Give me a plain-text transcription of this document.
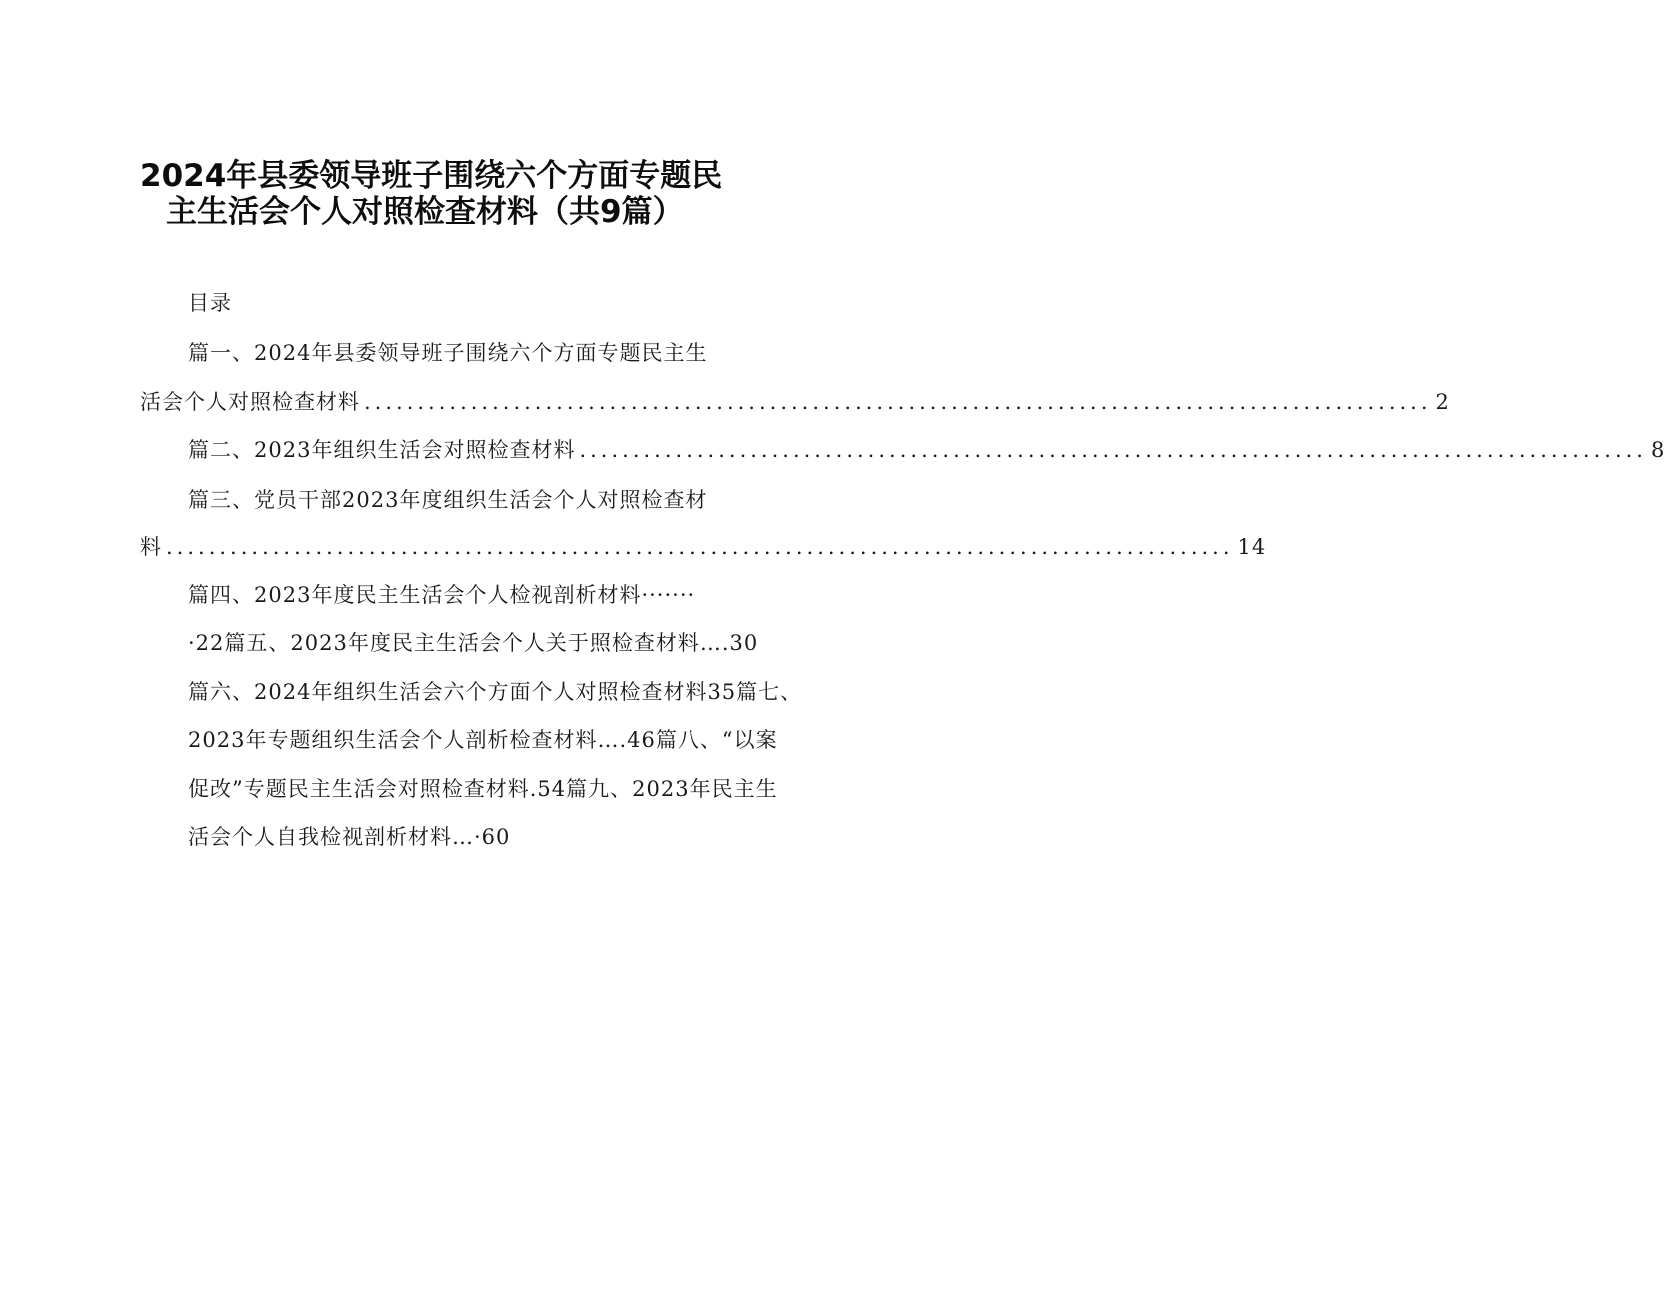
2024年县委领导班子围绕六个方面专题民
主生活会个人对照检查材料（共9篇）
目录
篇一、2024年县委领导班子围绕六个方面专题民主生
活会个人对照检查材料 .................................................................................................... 2
篇二、2023年组织生活会对照检查材料 .................................................................................................... 8
篇三、党员干部2023年度组织生活会个人对照检查材
料 .................................................................................................... 14
篇四、2023年度民主生活会个人检视剖析材料·······
·22篇五、2023年度民主生活会个人关于照检查材料….30
篇六、2024年组织生活会六个方面个人对照检查材料35篇七、
2023年专题组织生活会个人剖析检查材料….46篇八、“以案
促改”专题民主生活会对照检查材料.54篇九、2023年民主生
活会个人自我检视剖析材料…·60
